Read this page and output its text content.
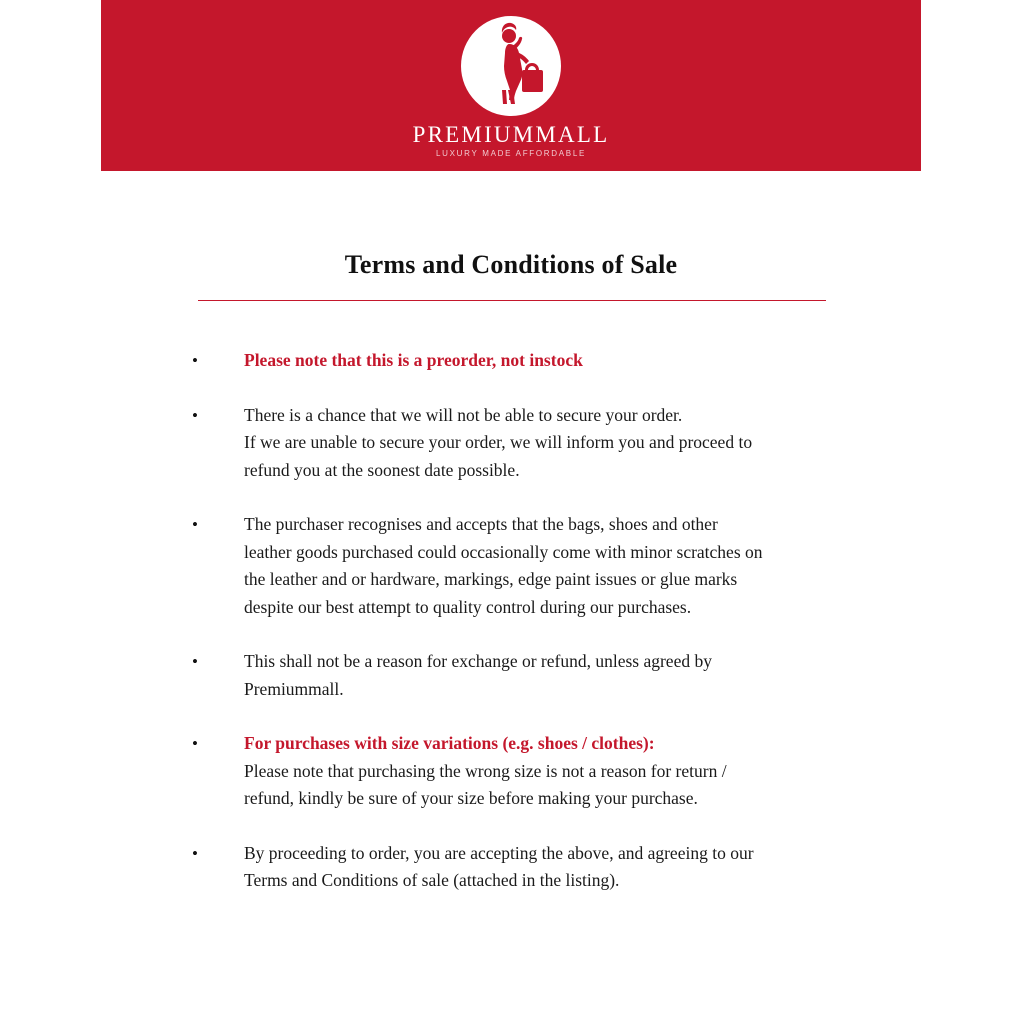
PREMIUMMALL
LUXURY MADE AFFORDABLE
Terms and Conditions of Sale
•	Please note that this is a preorder, not instock
•	There is a chance that we will not be able to secure your order.
If we are unable to secure your order, we will inform you and proceed to
refund you at the soonest date possible.
•	The purchaser recognises and accepts that the bags, shoes and other
leather goods purchased could occasionally come with minor scratches on
the leather and or hardware, markings, edge paint issues or glue marks
despite our best attempt to quality control during our purchases.
•	This shall not be a reason for exchange or refund, unless agreed by
Premiummall.
•	For purchases with size variations (e.g. shoes / clothes):
Please note that purchasing the wrong size is not a reason for return /
refund, kindly be sure of your size before making your purchase.
•	By proceeding to order, you are accepting the above, and agreeing to our
Terms and Conditions of sale (attached in the listing).
